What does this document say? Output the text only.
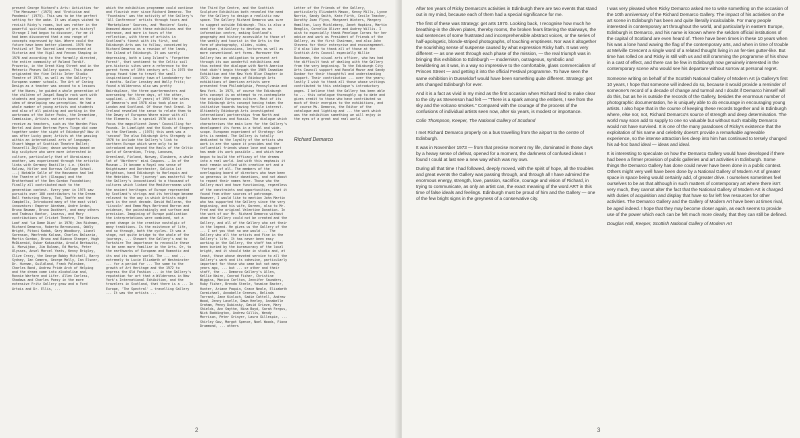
present Ceorge Richard's Arts: Activities for 'The Menswear' (1973) and 'Eroticism and Pandemic' (1975). This was to be the perfect setting for the wake. It was always wished to revisit Ricky's rooms, but was rather in the powerful spiritual messages of pre-history? Strange I had begun to discover, for me it had been discovered that a new range of concepts expressed by him. Where could the future have been better planned. 1976 the Festival of The Sacred Land reconvened at Victoria and the Vigil and Fenvan Shaping in 1976 and according to the formally directed, the entire community of Roland Tardif-Prozerio, in the Great King Street and in the Meteoric Phases Gallery spaces. This phase originated the fine Celtic Inter Studio Theatre of 1975, as well as the Gallery's European summer schools. The Art of Caring Design as a teacher was second to a lessons of the Nunes, he guided a whole generation of the children of Jaspel Boogle rock work with students and younger artists based on the idea of developing new perception. He had a whole number of young artists and students and also of all painting and working in the workrooms of the Outer Pocks, the Dreamtime, Commission, Artists and art experts of receive as teachers, such as the Warden Pius Bertel and Anne Bertram Pyers Tinge did come together under the sight of Edinburgh? Now it was after Lucky gave; Artists at the passing within an international arts of language. Stuart Wagge of Scottish Theatre Ballet; Vasarelli Zbyllian; dance workshop based on big sculpture who were more interested in culture, particularly that of Ukrainians; another, was experienced through the artistic links with Germany Bastille; i.e. (Keith Kolzow, Hitler and Burrows Collage School. ...) Notable Salle of the Hausmann had led the Theatre of Art (Glasgow) and the Brotherhood of the Ben Gordon Foundation; Finally all contributed much to the generation contest. Every year in 1975 saw pursuits over 100 contributors to the Dream Ball featuring Sharp, Tod, Taaffe and the Campbells, Introduced many of the most vital innovators: Emperor Abraham, Andre Ardon, Bruno Bauman, Bruno Dockhert, and many others and Tadeusz Kantor, Lazarus, and Mary contributions of Cricket Theatre, The Natives Loaf and 'La Dame Dion' in 1976; Jan Richman, Richard Demarco, Roberto Bernasconi, Oddly Wright, Pitoni Kodak, Gary Woodbury, Lionel Sorenson, Manfredo Kolsma, Charles Balsaria, Martin Gordon, Bruno and Bianca Staeger, Hugh McDiarmid, Oskar Kokoschka, Arnold Berkowitz, A. Morwijdon, Jim Bulman, Ed Marks, Peter Ulysses, Ansel Marcel Yeats, Kenny Brigley, Clive Crezy, the George Bobby Mitchell, Barry Sydney, Ian Camera, George Mally, Ian Elsner, Dr. Hurman, Guildland, Frank Palesbee, Charles Bond, Andrew Pride Arch of Helping and the dream come into alcoholism and, Ronnie Warfare and Lifer. Allen Carless, Shadows and Charles Poesy in the more extensive Fritz Gallery grow and a Ford Artois and Dr. Ellis, ...
which the exhibition programme could continue and flourish ever since Richard Demarco. The 'Fountains' was the activity of the Gallery's 'All Conference' artists through tours and 'Marketplace' Sources, and 'Moviera' Scots, Unmoved above with these exhibitions and the entrance, and more in tours of the reflection, with three of artists in Scotland's finest with its first, and Edinburgh Arts was to follow, conceived by Richard Demarco as a reunion of the lands, the Island of Edinburgh. It was sorely depressing, both a Long Island's 'Forgotten Forest', that sentiment to the Celtic soil pre-historic sites were a reference to the parent forms of 19th century art. In 1975 the group found time to travel the small inspirational county town of Londonderry for 4 months. Sailor Lenskey and Wally Fritz; found a Wilderness also was pretty Bairdsplace, the three quartermasters and overseeing for three days, of the other, supplied. — 6th.17 years) of 1993 the sales of Demarco's and 1978 also took place in London and Scotland. Of those fast Grand. In Ireland revealed the sense to relate them to the Dewey of European Where minor with all the Elements. In a special 1976 with its focus the magnificent Jones' Councilling for Pounds. In Limelight and the Kinds of Stogers in the Shetlands — (1975) this week was a 'second' The also Edinburgh Arts Stragedy in 1976 to include the Gallery's link to northern Europe which were only to be introduced and beyond the Hauls of the Celtic world of Gerardian, Tring, Lanosea, Greenland, Finland, Norway, Glasbera, a whole lot of 'Northern' mini Coupons. — An of the Museum — It became a Royal new sense of Knightswear and Dorchester, Galicia 1st Wrightson, hand Edinburgh to Harlequin and the Hebrides. The 'journey' was masterful for the Gallery's innovational to a thousand of cultures which linked the Mediterranean with the ancient heritages of Europe represented by Scotland's strings and its heritage became relevant to the way in which Artists might work in the next decade. David Halloran, the 'Lincoln' and Emma Mays Bertrand Barron and evidence, the painstakingly and surface and precision. Imagining of Europe publication the interpretations were combined, not a great change in the creative nostalgic of many traditions. Is the existence of life, and so through, both the cycles. It was a stage, not quite bridge to the whole of the journeys, ... Stewart the Gallery's and to Yorkshire The importance to reconcile these to be seen more familiar in the Arts. Or, to the earthworks of European and Romantic and its and its modern world. The ... and ... extremely to Lucie Elizabeth of Westminster ... for a period for ... The same to the growth of Art Heritage and the 1972 to express the Old Fashion ... in the Gallery's reputation for art that a Wilderness in New York's International Exhibition, and the travelers in Scotland, that there is a ... In Europe, 'The Spectral' — travelling Gallery ... It was the artists ...
the Third Eye Centre, and the Scottish Sculpture Exhibition both revealed the need for the Gallery to design a realistic new space. The Gallery Richard Demarco was sure to suggest outside Edinburgh. This is also a need for the Gallery to develop as an information centre, making Scotland's geography and history accessible to those of the weekly and tourist in the Arts in the form of photography, slides, video, dialogues, discussions, lectures as well as more conventional art forms. Moreover the Gallery has an obligation to present art through its own wonderful exhibitions and thus extend the dialogue with North America that didn't begin through the 1969 Canadian Exhibition and the New York Blue Chapter in 1972. Under the aegis of Edinburgh Arts exhibitions of American artists were presented from Philadelphia, Pennsylvania and New York. In 1975, of course the Edinburgh Arts concept is an attempt to re-contemplate the original European culture. Most of its the Edinburgh Arts concept having taken the initiative towards having fertile interest. Ultimately Edinburgh Arts investigated international partnerships from North and South Americas and Russia. The dialogue which characterises the main Lorn for the Gallery's development its forms in a total and wide-scope. European experiment of Strategy: Get Arts is needed. The Gallery is totally dedicated to the loyalty of the artists who work in are the space it provides and the influential friends whose love and support has made its work possible — and which have begun to build the efficacy of the dreams into a real world. And with this emphasis it must remain unified with creative art and a 'fortune' of all. The members of the overlapping board of directors who have been so generous in their donations, and not about to repeat their names here. Those who the Gallery must and have functioning, regardless of the constraints and opportunities, that it found from other sources of patronage. However, I would like to mention John Martin who has supported the Gallery since the very beginning, and his wife, Doreen, also to Mr. Fred and the original Valentine Donation. In the work of our Mr. Richard Demarco without whom the Gallery could not be created and the Gallery, and all of the Gallery who set their in the legend. He gives us the Gallery of the ... I set you that no one would ... The Gallery who all the artists and Fine in the Gallery's life. It has never been easy working in the Gallery, the staff has often been buried by the bureaucracy of the local bright, and it should take in studio and, at least, those whose devoted service to all the Gallery's work and its cohesive, particularly important for those who came but not many years ago, ... but ... or other and their staff, the ... Demarco Gallery's Allen, Kellie Nairn, Conrad Fisher, Christine Wiggins, Monica Carlton, Jennifer Saunders, Ruby Fisher, Brenda Steele, Yasmine Baxter, Hunter, Ariane Paquin, Grace Neale, Elizabeth Carmichael, Annabelle Greeves, Belinda Tarrant, Jane Kinloch, Sadie Cattell, Andrew Wood, Jenny Lavelle, Dawn Heeley, Annabelle Graham, Penny Dubinsky, David Grieve, Mary Shields, Ann Smythe, Nina Boyd, Sarah Fergus, Nick Boddington, Andrew Gillis, Wendy Morrison, Peter Grinyer, Laura Gillespie, ... Shirley Gow, Margot Spence, Noel Woods, Fiona Drummond, ... others
Letter of the Friends of the Gallery, particularly Elizabeth Mason, Kenny Mills, Lynne Norrie, Sandy Smith, Kate Firth, Cecile Teacher, Dorothy Joan Flynn, Margaret Winters, Margery Hamilton, Lucy Mickleberg, Janet Hopkins, Martin Beaglin, Cornelia Oliver and Audrey Willis. I wish to especially thank Penelope Cornes for her advice and work as President of Friends of the Gallery, as the first Chairman, and also John Stevens for their enterprise and encouragement. I'd also like to thank all of those at the Scottish Arts Council especially Willie Buchanan, the visual arts officer, who has had the difficult task of dealing with the Gallery from the very beginning. To the Edinburgh City Arts Council support and Ronald Mavor and Sandy Dunbar for their thoughtful and understanding support. Their contribution ... over the years; lastly I wish to thank all those whose writings contributed to this catalogue's introductory pages. I believe that the Gallery has been able to ... this catalogue thoroughly up to date and gives credit to those who have contributed so much of their energies to the exhibitions, and of course Ms. Demarco, the Editor of the catalogue and lighting and ... the work which was the exhibition something we will enjoy in the eyes of a great and real world.
Richard Demarco
2

After ten years of Ricky Demarco's activities in Edinburgh there are two events that stand out in my mind, because each of them had a special significance for me.

The first of these was Strategy: get arts 1970. Looking back, I recognise how much he breathing-in the driven plates, thereby rooms, the broken fears littering the stairways, the sad sentences of some frustrated and incomprehensible abstract voices, or the series of half-apologetic, blonde-striped photographs, of touching emptiness. Nor was it altogether the nourishing sense of suspense caused by what expression Ricky hath. It was very different — as one went through each phase of the mission, — the real triumph was in bringing this exhibition to Edinburgh — modernism, outrageous, symbolic and bewildering as it was, in a way so impressive to the comfortable, glass commercialism of Princes Street — and getting it into the official Festival programme. To have seen the same exhibition in Dusseldorf would have been something quite different. Strategy: get arts changed Edinburgh for ever.

And it is a fact as vivid in my mind as the first occasion when Richard tried to make clear to the city as Stevenson had felt — "There is a spark among the embers, I see from the sky and the volcano smokes." Compared with the courage of the process of the confusions of individual artists seen now, after six years, is modest or importance.

Colin Thompson, Keeper, The National Gallery of Scotland

I met Richard Demarco properly on a bus travelling from the airport to the centre of Edinburgh.

It was in November 1973 — from that precise moment my life, dominated in those days by a heavy sense of defeat, opened for a moment, the darkness of confused ideas I found I could at last see a new way which was my own.

During all that time I had followed, deeply moved, with the spirit of hope, all the troubles and great events the Gallery was passing through, and through all I have admired the enormous energy, strength, love, passion, sacrifice, courage and vision of Richard, in trying to communicate, as only an artist can, the exact meaning of the word ART in this time of false ideals and feelings. Edinburgh must be proud of him and the Gallery — one of the few bright signs in the greyness of a conservative city.

I was very pleased when Ricky Demarco asked me to write something on the occasion of the 10th anniversary of the Richard Demarco Gallery. The impact of his activities on the art scene in Edinburgh has been and quite literally incalculable. For many people interested in contemporary art throughout the world, and particularly in eastern Europe, Edinburgh is Demarco, and his name is known where the seldom official institutions of the capital of Scotland are even heard of. There have been times in these 10 years when his was a lone hand waving the flag of the contemporary arts, and when in time of trouble at Melville Crescent a single word of a related thought living in an fer-ties gutter-like. But time has rolled on and Ricky is still with us and still cramming the programme of his show in a cast of effect, and there can be few in Edinburgh now genuinely interested in the contemporary scene who would see his departure without sorrow at personal regret.

Someone writing on behalf of the Scottish National Gallery of Modern Art (a Gallery's first 10 years, I hope that someone will indeed do so, because it would provide a reminder of someone's record of a decade of change and turmoil and I doubt if Demarco himself will do this, but as he is outside the records of the Gallery, besides the enormous number of photographic documentation, he is uniquely able to do encourage in encouraging young artists. I also hope that in the course of keeping these records together and in Edinburgh where, else nor, not, Richard Demarco's source of strength and deep determination. The world may soon add to supply to one so valuable but without such stability Demarco would not have survived. It is one of the many paradoxes of Ricky's existence that the exploitation of his name and celebrity doesn't provide a remarkable agreeable experience, so the intense attraction lies deep into him has continued to tersely changed his ad-hoc band ideal — ideas and ideal.

It is interesting to speculate on how the Demarco Gallery would have developed if there had been a firmer provision of public galleries and art activities in Edinburgh. Some things the Demarco Gallery has done could never have been done in a public context. Others might very well have been done by a National Gallery of Modern Art of greater space in space being would certainly add, of greater drive. I ourselves sometimes feel ourselves to be as that although in such matters of contemporary art where there isn't very much, they cannot alter the fact that the National Gallery of Modern Art is charged with duties of acquisition and display that have so far left few resources for other activities. The Demarco Gallery and the Gallery of Modern Art have been at times rival, be aged indeed. I hope that they may become closer again, as each seems to provide use of the power which each can be felt much more clearly, that they can still be defined.

Douglas Hall, Keeper, Scottish National Gallery of Modern Art

3
